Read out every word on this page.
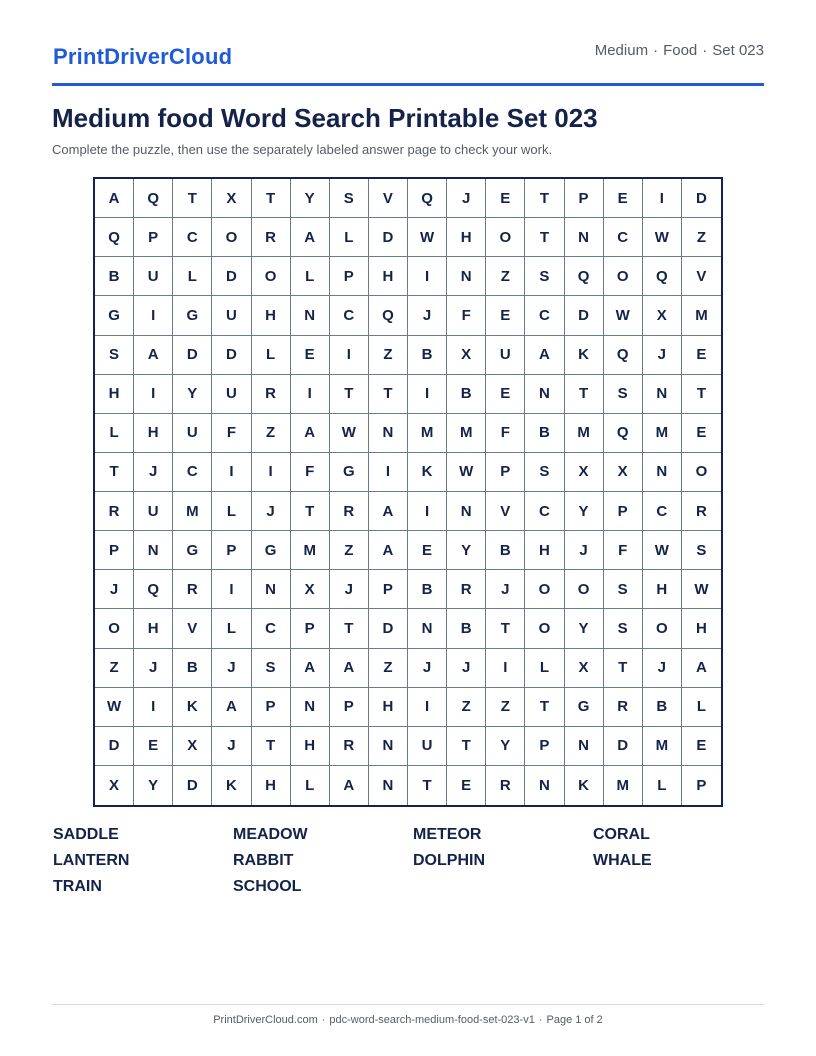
PrintDriverCloud	Medium · Food · Set 023
Medium food Word Search Printable Set 023

Complete the puzzle, then use the separately labeled answer page to check your work.

A	Q	T	X	T	Y	S	V	Q	J	E	T	P	E	I	D
Q	P	C	O	R	A	L	D	W	H	O	T	N	C	W	Z
B	U	L	D	O	L	P	H	I	N	Z	S	Q	O	Q	V
G	I	G	U	H	N	C	Q	J	F	E	C	D	W	X	M
S	A	D	D	L	E	I	Z	B	X	U	A	K	Q	J	E
H	I	Y	U	R	I	T	T	I	B	E	N	T	S	N	T
L	H	U	F	Z	A	W	N	M	M	F	B	M	Q	M	E
T	J	C	I	I	F	G	I	K	W	P	S	X	X	N	O
R	U	M	L	J	T	R	A	I	N	V	C	Y	P	C	R
P	N	G	P	G	M	Z	A	E	Y	B	H	J	F	W	S
J	Q	R	I	N	X	J	P	B	R	J	O	O	S	H	W
O	H	V	L	C	P	T	D	N	B	T	O	Y	S	O	H
Z	J	B	J	S	A	A	Z	J	J	I	L	X	T	J	A
W	I	K	A	P	N	P	H	I	Z	Z	T	G	R	B	L
D	E	X	J	T	H	R	N	U	T	Y	P	N	D	M	E
X	Y	D	K	H	L	A	N	T	E	R	N	K	M	L	P
SADDLE	MEADOW	METEOR	CORAL
LANTERN	RABBIT	DOLPHIN	WHALE
TRAIN	SCHOOL
PrintDriverCloud.com · pdc-word-search-medium-food-set-023-v1 · Page 1 of 2
